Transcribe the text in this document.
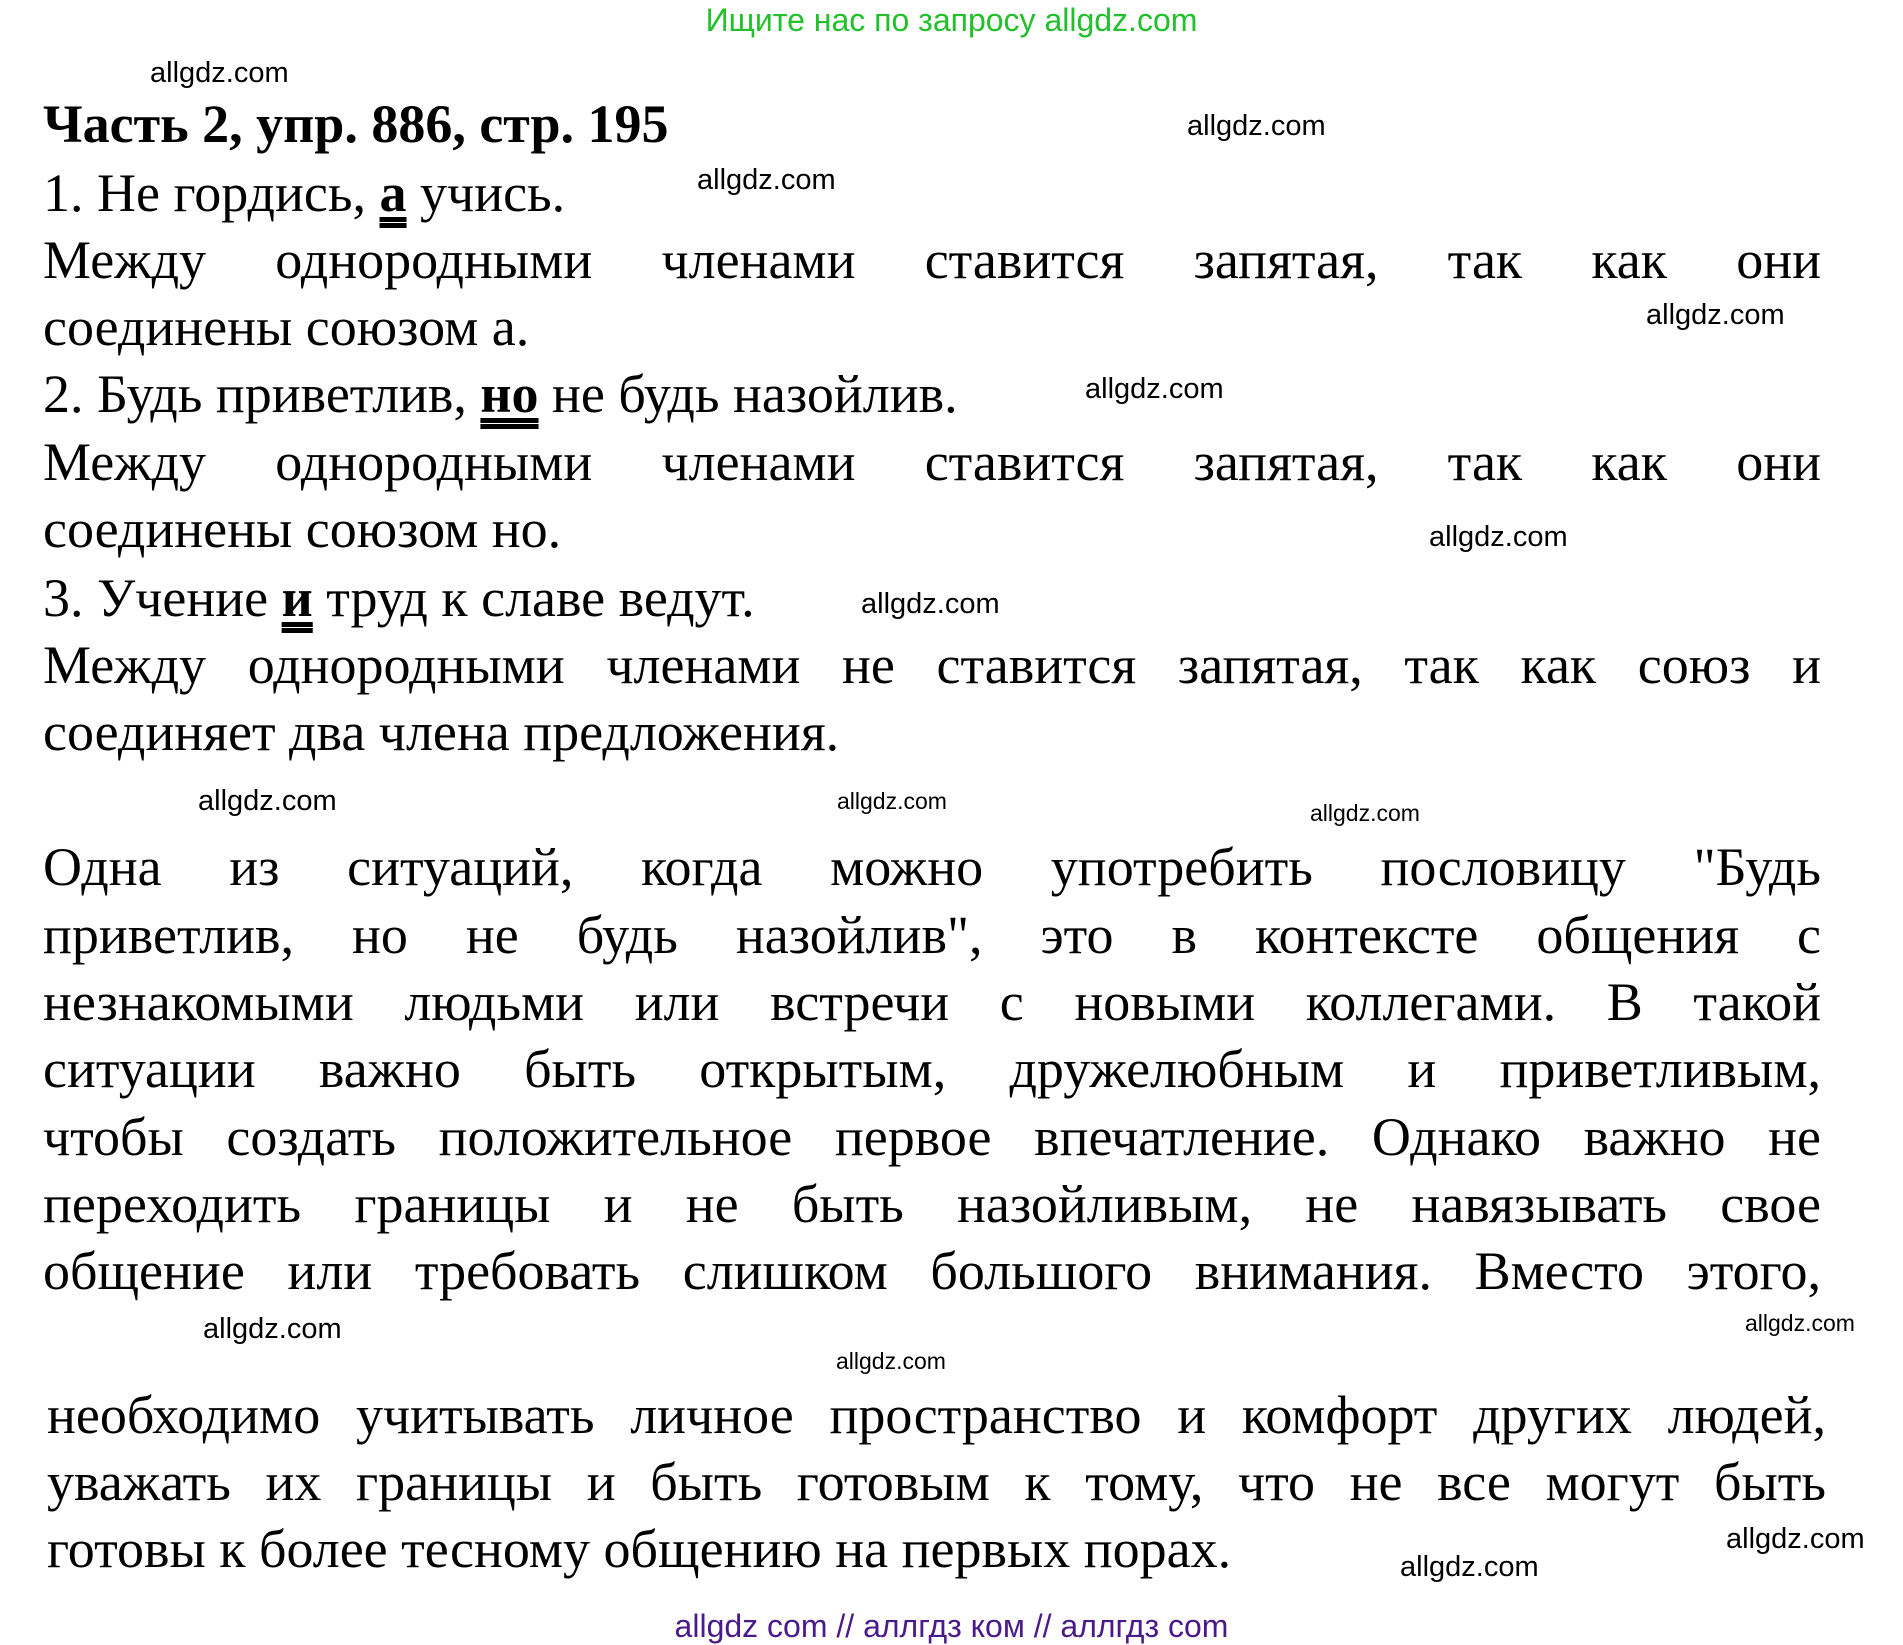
Ищите нас по запросу allgdz.com
Часть 2, упр. 886, стр. 195
1. Не гордись, а учись.
Между однородными членами ставится запятая, так как они
соединены союзом а.
2. Будь приветлив, но не будь назойлив.
Между однородными членами ставится запятая, так как они
соединены союзом но.
3. Учение и труд к славе ведут.
Между однородными членами не ставится запятая, так как союз и
соединяет два члена предложения.
Одна из ситуаций, когда можно употребить пословицу "Будь
приветлив, но не будь назойлив", это в контексте общения с
незнакомыми людьми или встречи с новыми коллегами. В такой
ситуации важно быть открытым, дружелюбным и приветливым,
чтобы создать положительное первое впечатление. Однако важно не
переходить границы и не быть назойливым, не навязывать свое
общение или требовать слишком большого внимания. Вместо этого,
необходимо учитывать личное пространство и комфорт других людей,
уважать их границы и быть готовым к тому, что не все могут быть
готовы к более тесному общению на первых порах.
allgdz.com
allgdz.com
allgdz.com
allgdz.com
allgdz.com
allgdz.com
allgdz.com
allgdz.com	allgdz.com	allgdz.com
allgdz.com
allgdz.com
allgdz.com
allgdz.com
allgdz.com
allgdz com // аллгдз ком // аллгдз com
